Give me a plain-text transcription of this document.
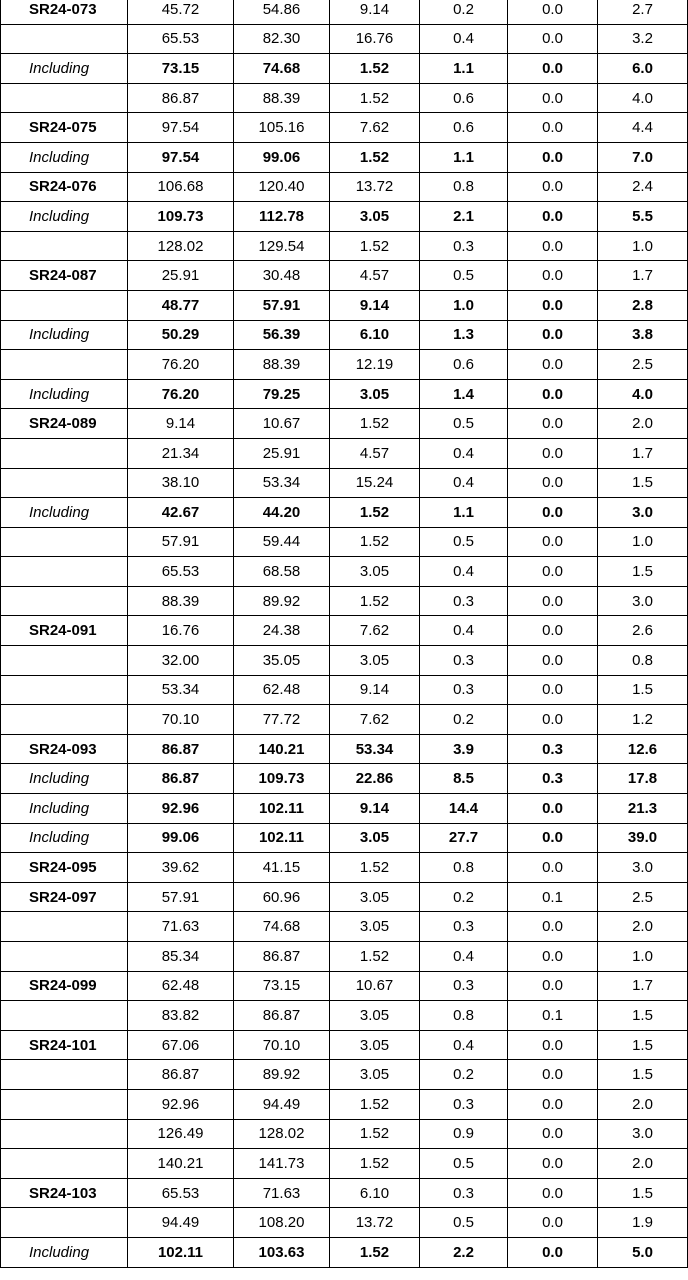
SR24-073	45.72	54.86	9.14	0.2	0.0	2.7
	65.53	82.30	16.76	0.4	0.0	3.2
Including	73.15	74.68	1.52	1.1	0.0	6.0
	86.87	88.39	1.52	0.6	0.0	4.0
SR24-075	97.54	105.16	7.62	0.6	0.0	4.4
Including	97.54	99.06	1.52	1.1	0.0	7.0
SR24-076	106.68	120.40	13.72	0.8	0.0	2.4
Including	109.73	112.78	3.05	2.1	0.0	5.5
	128.02	129.54	1.52	0.3	0.0	1.0
SR24-087	25.91	30.48	4.57	0.5	0.0	1.7
	48.77	57.91	9.14	1.0	0.0	2.8
Including	50.29	56.39	6.10	1.3	0.0	3.8
	76.20	88.39	12.19	0.6	0.0	2.5
Including	76.20	79.25	3.05	1.4	0.0	4.0
SR24-089	9.14	10.67	1.52	0.5	0.0	2.0
	21.34	25.91	4.57	0.4	0.0	1.7
	38.10	53.34	15.24	0.4	0.0	1.5
Including	42.67	44.20	1.52	1.1	0.0	3.0
	57.91	59.44	1.52	0.5	0.0	1.0
	65.53	68.58	3.05	0.4	0.0	1.5
	88.39	89.92	1.52	0.3	0.0	3.0
SR24-091	16.76	24.38	7.62	0.4	0.0	2.6
	32.00	35.05	3.05	0.3	0.0	0.8
	53.34	62.48	9.14	0.3	0.0	1.5
	70.10	77.72	7.62	0.2	0.0	1.2
SR24-093	86.87	140.21	53.34	3.9	0.3	12.6
Including	86.87	109.73	22.86	8.5	0.3	17.8
Including	92.96	102.11	9.14	14.4	0.0	21.3
Including	99.06	102.11	3.05	27.7	0.0	39.0
SR24-095	39.62	41.15	1.52	0.8	0.0	3.0
SR24-097	57.91	60.96	3.05	0.2	0.1	2.5
	71.63	74.68	3.05	0.3	0.0	2.0
	85.34	86.87	1.52	0.4	0.0	1.0
SR24-099	62.48	73.15	10.67	0.3	0.0	1.7
	83.82	86.87	3.05	0.8	0.1	1.5
SR24-101	67.06	70.10	3.05	0.4	0.0	1.5
	86.87	89.92	3.05	0.2	0.0	1.5
	92.96	94.49	1.52	0.3	0.0	2.0
	126.49	128.02	1.52	0.9	0.0	3.0
	140.21	141.73	1.52	0.5	0.0	2.0
SR24-103	65.53	71.63	6.10	0.3	0.0	1.5
	94.49	108.20	13.72	0.5	0.0	1.9
Including	102.11	103.63	1.52	2.2	0.0	5.0
